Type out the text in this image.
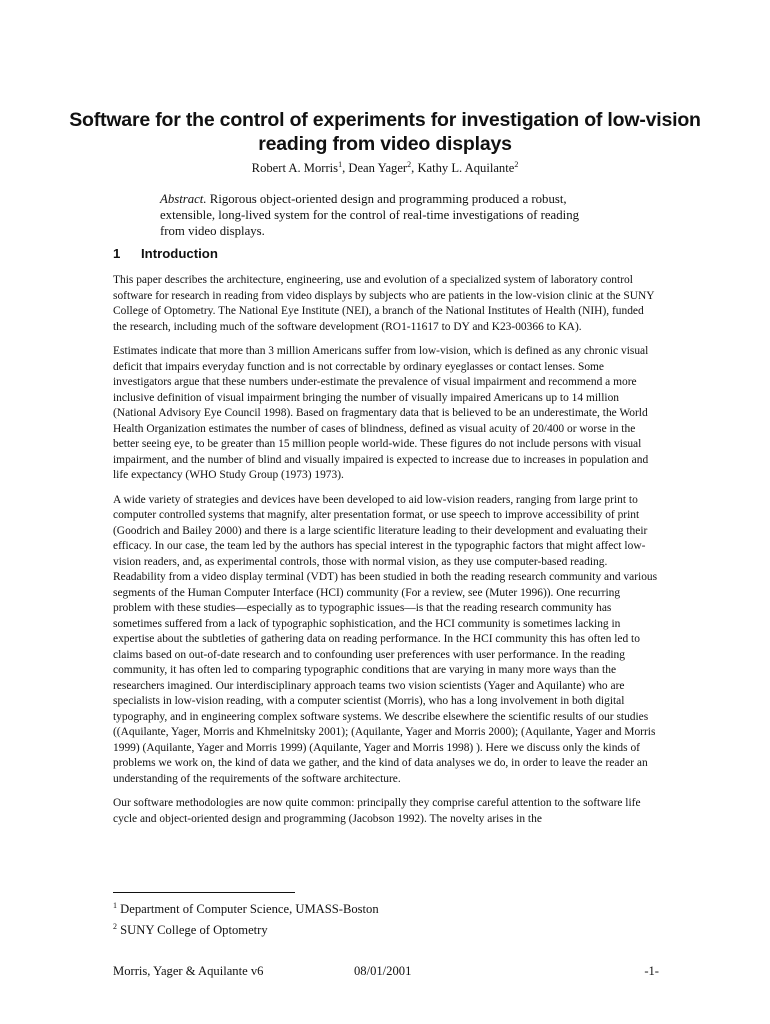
Software for the control of experiments for investigation of low-vision reading from video displays
Robert A. Morris$^1$, Dean Yager$^2$, Kathy L. Aquilante$^2$

Abstract. Rigorous object-oriented design and programming produced a robust, extensible, long-lived system for the control of real-time investigations of reading from video displays.

1 Introduction

This paper describes the architecture, engineering, use and evolution of a specialized system of laboratory control software for research in reading from video displays by subjects who are patients in the low-vision clinic at the SUNY College of Optometry. The National Eye Institute (NEI), a branch of the National Institutes of Health (NIH), funded the research, including much of the software development (RO1-11617 to DY and K23-00366 to KA).

Estimates indicate that more than 3 million Americans suffer from low-vision, which is defined as any chronic visual deficit that impairs everyday function and is not correctable by ordinary eyeglasses or contact lenses. Some investigators argue that these numbers under-estimate the prevalence of visual impairment and recommend a more inclusive definition of visual impairment bringing the number of visually impaired Americans up to 14 million (National Advisory Eye Council 1998). Based on fragmentary data that is believed to be an underestimate, the World Health Organization estimates the number of cases of blindness, defined as visual acuity of 20/400 or worse in the better seeing eye, to be greater than 15 million people world-wide. These figures do not include persons with visual impairment, and the number of blind and visually impaired is expected to increase due to increases in population and life expectancy (WHO Study Group (1973) 1973).

A wide variety of strategies and devices have been developed to aid low-vision readers, ranging from large print to computer controlled systems that magnify, alter presentation format, or use speech to improve accessibility of print (Goodrich and Bailey 2000) and there is a large scientific literature leading to their development and evaluating their efficacy. In our case, the team led by the authors has special interest in the typographic factors that might affect low-vision readers, and, as experimental controls, those with normal vision, as they use computer-based reading. Readability from a video display terminal (VDT) has been studied in both the reading research community and various segments of the Human Computer Interface (HCI) community (For a review, see (Muter 1996)). One recurring problem with these studies—especially as to typographic issues—is that the reading research community has sometimes suffered from a lack of typographic sophistication, and the HCI community is sometimes lacking in expertise about the subtleties of gathering data on reading performance. In the HCI community this has often led to claims based on out-of-date research and to confounding user preferences with user performance. In the reading community, it has often led to comparing typographic conditions that are varying in many more ways than the researchers imagined. Our interdisciplinary approach teams two vision scientists (Yager and Aquilante) who are specialists in low-vision reading, with a computer scientist (Morris), who has a long involvement in both digital typography, and in engineering complex software systems. We describe elsewhere the scientific results of our studies ((Aquilante, Yager, Morris and Khmelnitsky 2001); (Aquilante, Yager and Morris 2000); (Aquilante, Yager and Morris 1999) (Aquilante, Yager and Morris 1999) (Aquilante, Yager and Morris 1998) ). Here we discuss only the kinds of problems we work on, the kind of data we gather, and the kind of data analyses we do, in order to leave the reader an understanding of the requirements of the software architecture.

Our software methodologies are now quite common: principally they comprise careful attention to the software life cycle and object-oriented design and programming (Jacobson 1992). The novelty arises in the

$^1$ Department of Computer Science, UMASS-Boston
$^2$ SUNY College of Optometry
Morris, Yager & Aquilante v6	08/01/2001	-1-
